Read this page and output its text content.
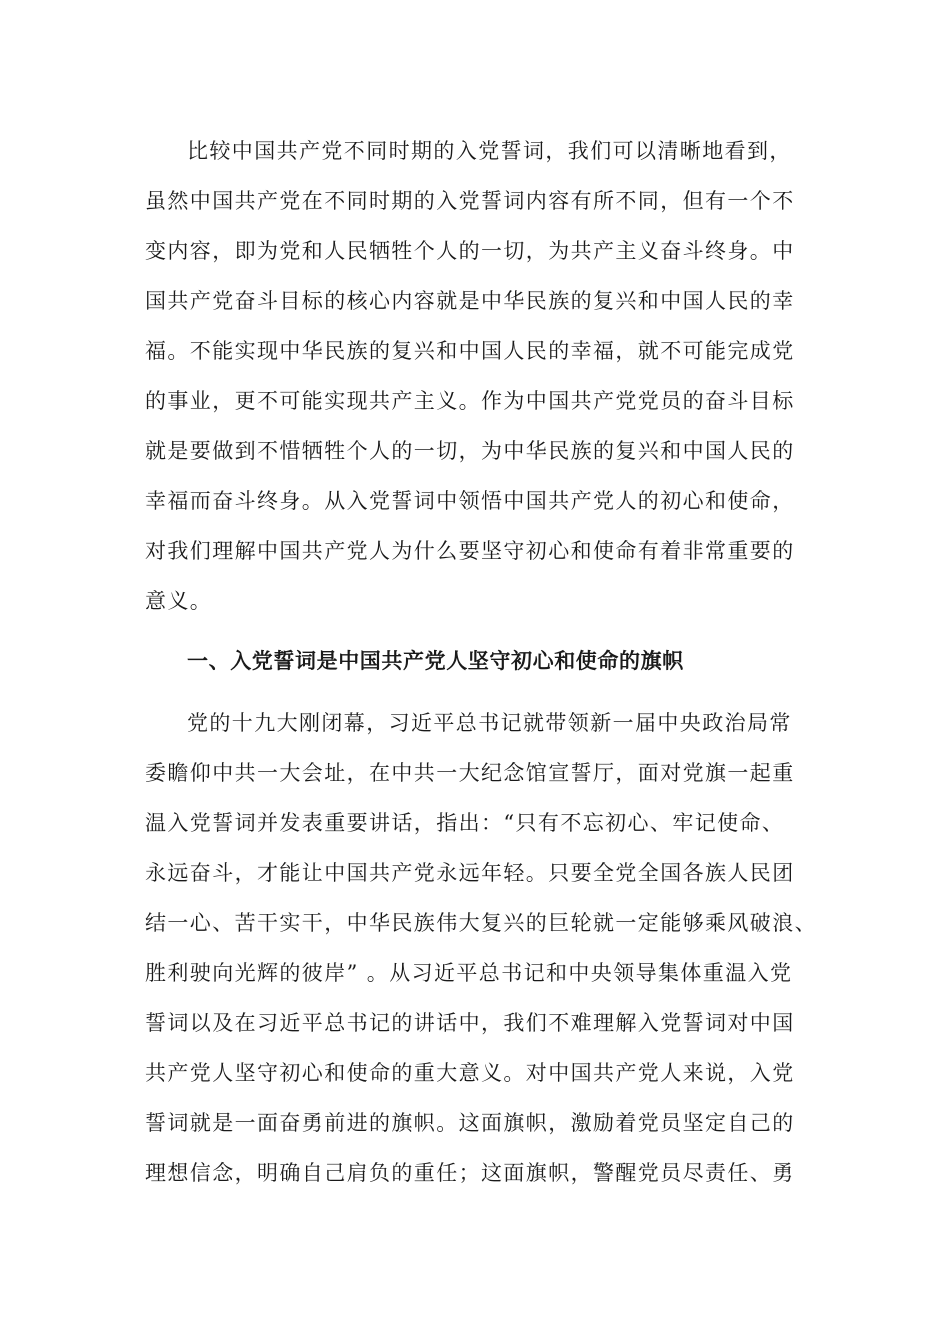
比较中国共产党不同时期的入党誓词，我们可以清晰地看到，
虽然中国共产党在不同时期的入党誓词内容有所不同，但有一个不
变内容，即为党和人民牺牲个人的一切，为共产主义奋斗终身。中
国共产党奋斗目标的核心内容就是中华民族的复兴和中国人民的幸
福。不能实现中华民族的复兴和中国人民的幸福，就不可能完成党
的事业，更不可能实现共产主义。作为中国共产党党员的奋斗目标
就是要做到不惜牺牲个人的一切，为中华民族的复兴和中国人民的
幸福而奋斗终身。从入党誓词中领悟中国共产党人的初心和使命，
对我们理解中国共产党人为什么要坚守初心和使命有着非常重要的
意义。
一、入党誓词是中国共产党人坚守初心和使命的旗帜
党的十九大刚闭幕，习近平总书记就带领新一届中央政治局常
委瞻仰中共一大会址，在中共一大纪念馆宣誓厅，面对党旗一起重
温入党誓词并发表重要讲话，指出：“只有不忘初心、牢记使命、
永远奋斗，才能让中国共产党永远年轻。只要全党全国各族人民团
结一心、苦干实干，中华民族伟大复兴的巨轮就一定能够乘风破浪、
胜利驶向光辉的彼岸” 。从习近平总书记和中央领导集体重温入党
誓词以及在习近平总书记的讲话中，我们不难理解入党誓词对中国
共产党人坚守初心和使命的重大意义。对中国共产党人来说，入党
誓词就是一面奋勇前进的旗帜。这面旗帜，激励着党员坚定自己的
理想信念，明确自己肩负的重任；这面旗帜，警醒党员尽责任、勇
